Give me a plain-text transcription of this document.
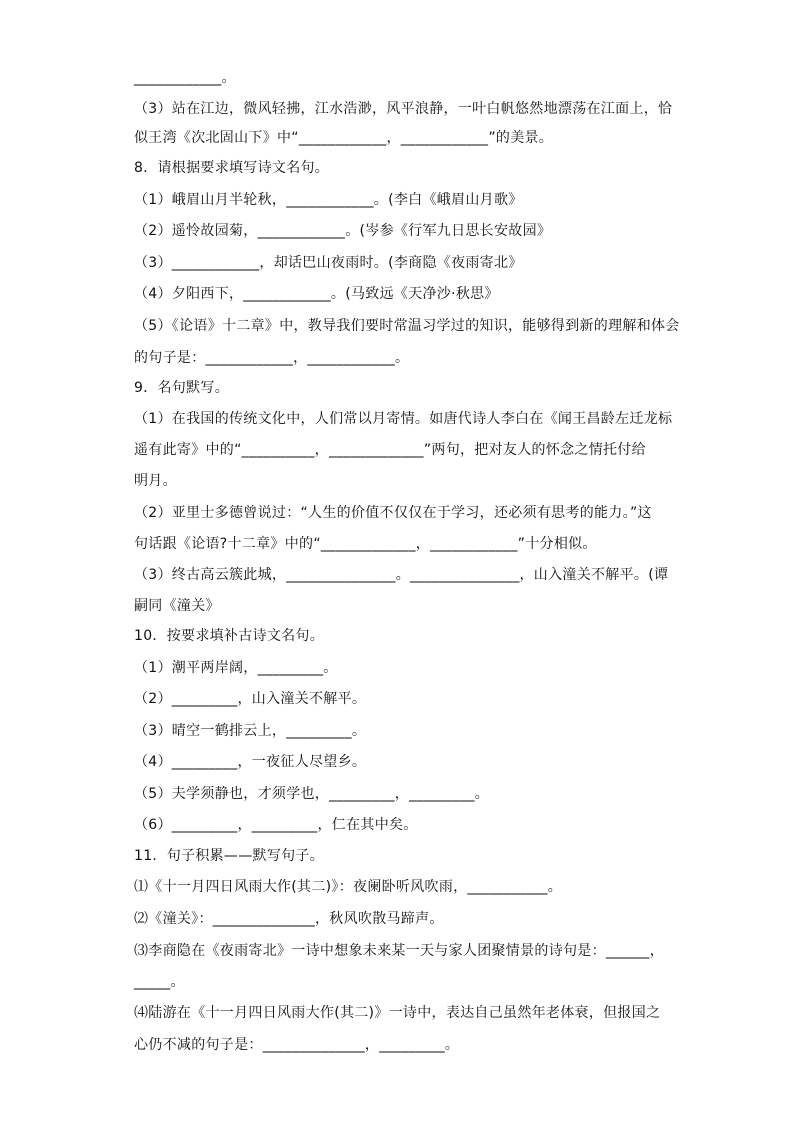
____________。
（3）站在江边，微风轻拂，江水浩渺，风平浪静，一叶白帆悠然地漂荡在江面上，恰
似王湾《次北固山下》中“____________，____________”的美景。
8．请根据要求填写诗文名句。
（1）峨眉山月半轮秋，____________。(李白《峨眉山月歌》
（2）遥怜故园菊，____________。(岑参《行军九日思长安故园》
（3）____________，却话巴山夜雨时。(李商隐《夜雨寄北》
（4）夕阳西下，____________。(马致远《天净沙·秋思》
（5）《论语》十二章》中，教导我们要时常温习学过的知识，能够得到新的理解和体会
的句子是：____________，____________。
9．名句默写。
（1）在我国的传统文化中，人们常以月寄情。如唐代诗人李白在《闻王昌龄左迁龙标
遥有此寄》中的“__________，_____________”两句，把对友人的怀念之情托付给
明月。
（2）亚里士多德曾说过：“人生的价值不仅仅在于学习，还必须有思考的能力。”这
句话跟《论语?十二章》中的“_____________，____________”十分相似。
（3）终古高云簇此城，_______________。_______________，山入潼关不解平。(谭
嗣同《潼关》
10．按要求填补古诗文名句。
（1）潮平两岸阔，_________。
（2）_________，山入潼关不解平。
（3）晴空一鹤排云上，_________。
（4）_________，一夜征人尽望乡。
（5）夫学须静也，才须学也，_________，_________。
（6）_________，_________，仁在其中矣。
11．句子积累——默写句子。
⑴《十一月四日风雨大作(其二)》：夜阑卧听风吹雨，___________。
⑵《潼关》：______________，秋风吹散马蹄声。
⑶李商隐在《夜雨寄北》一诗中想象未来某一天与家人团聚情景的诗句是：______，
_____。
⑷陆游在《十一月四日风雨大作(其二)》一诗中，表达自己虽然年老体衰，但报国之
心仍不减的句子是：______________，_________。
